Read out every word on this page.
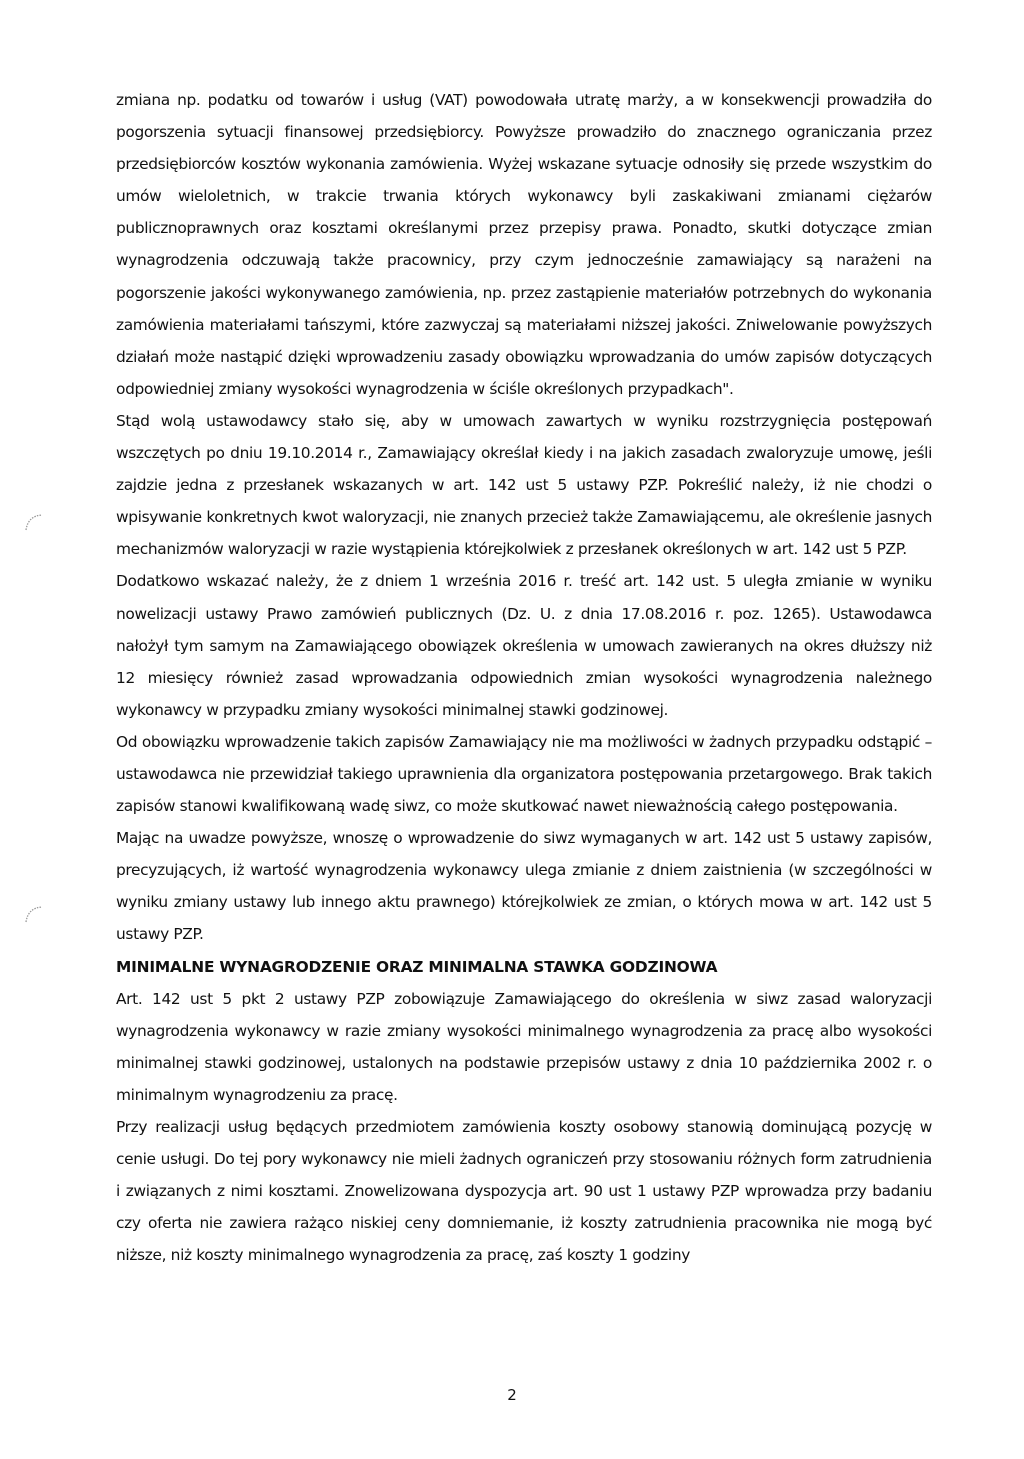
zmiana np. podatku od towarów i usług (VAT) powodowała utratę marży, a w konsekwencji prowadziła do pogorszenia sytuacji finansowej przedsiębiorcy. Powyższe prowadziło do znacznego ograniczania przez przedsiębiorców kosztów wykonania zamówienia. Wyżej wskazane sytuacje odnosiły się przede wszystkim do umów wieloletnich, w trakcie trwania których wykonawcy byli zaskakiwani zmianami ciężarów publicznoprawnych oraz kosztami określanymi przez przepisy prawa. Ponadto, skutki dotyczące zmian wynagrodzenia odczuwają także pracownicy, przy czym jednocześnie zamawiający są narażeni na pogorszenie jakości wykonywanego zamówienia, np. przez zastąpienie materiałów potrzebnych do wykonania zamówienia materiałami tańszymi, które zazwyczaj są materiałami niższej jakości. Zniwelowanie powyższych działań może nastąpić dzięki wprowadzeniu zasady obowiązku wprowadzania do umów zapisów dotyczących odpowiedniej zmiany wysokości wynagrodzenia w ściśle określonych przypadkach".

Stąd wolą ustawodawcy stało się, aby w umowach zawartych w wyniku rozstrzygnięcia postępowań wszczętych po dniu 19.10.2014 r., Zamawiający określał kiedy i na jakich zasadach zwaloryzuje umowę, jeśli zajdzie jedna z przesłanek wskazanych w art. 142 ust 5 ustawy PZP. Pokreślić należy, iż nie chodzi o wpisywanie konkretnych kwot waloryzacji, nie znanych przecież także Zamawiającemu, ale określenie jasnych mechanizmów waloryzacji w razie wystąpienia którejkolwiek z przesłanek określonych w art. 142 ust 5 PZP.

Dodatkowo wskazać należy, że z dniem 1 września 2016 r. treść art. 142 ust. 5 uległa zmianie w wyniku nowelizacji ustawy Prawo zamówień publicznych (Dz. U. z dnia 17.08.2016 r. poz. 1265). Ustawodawca nałożył tym samym na Zamawiającego obowiązek określenia w umowach zawieranych na okres dłuższy niż 12 miesięcy również zasad wprowadzania odpowiednich zmian wysokości wynagrodzenia należnego wykonawcy w przypadku zmiany wysokości minimalnej stawki godzinowej.

Od obowiązku wprowadzenie takich zapisów Zamawiający nie ma możliwości w żadnych przypadku odstąpić – ustawodawca nie przewidział takiego uprawnienia dla organizatora postępowania przetargowego. Brak takich zapisów stanowi kwalifikowaną wadę siwz, co może skutkować nawet nieważnością całego postępowania.

Mając na uwadze powyższe, wnoszę o wprowadzenie do siwz wymaganych w art. 142 ust 5 ustawy zapisów, precyzujących, iż wartość wynagrodzenia wykonawcy ulega zmianie z dniem zaistnienia (w szczególności w wyniku zmiany ustawy lub innego aktu prawnego) którejkolwiek ze zmian, o których mowa w art. 142 ust 5 ustawy PZP.

MINIMALNE WYNAGRODZENIE ORAZ MINIMALNA STAWKA GODZINOWA

Art. 142 ust 5 pkt 2 ustawy PZP zobowiązuje Zamawiającego do określenia w siwz zasad waloryzacji wynagrodzenia wykonawcy w razie zmiany wysokości minimalnego wynagrodzenia za pracę albo wysokości minimalnej stawki godzinowej, ustalonych na podstawie przepisów ustawy z dnia 10 października 2002 r. o minimalnym wynagrodzeniu za pracę.

Przy realizacji usług będących przedmiotem zamówienia koszty osobowy stanowią dominującą pozycję w cenie usługi. Do tej pory wykonawcy nie mieli żadnych ograniczeń przy stosowaniu różnych form zatrudnienia i związanych z nimi kosztami. Znowelizowana dyspozycja art. 90 ust 1 ustawy PZP wprowadza przy badaniu czy oferta nie zawiera rażąco niskiej ceny domniemanie, iż koszty zatrudnienia pracownika nie mogą być niższe, niż koszty minimalnego wynagrodzenia za pracę, zaś koszty 1 godziny

2
